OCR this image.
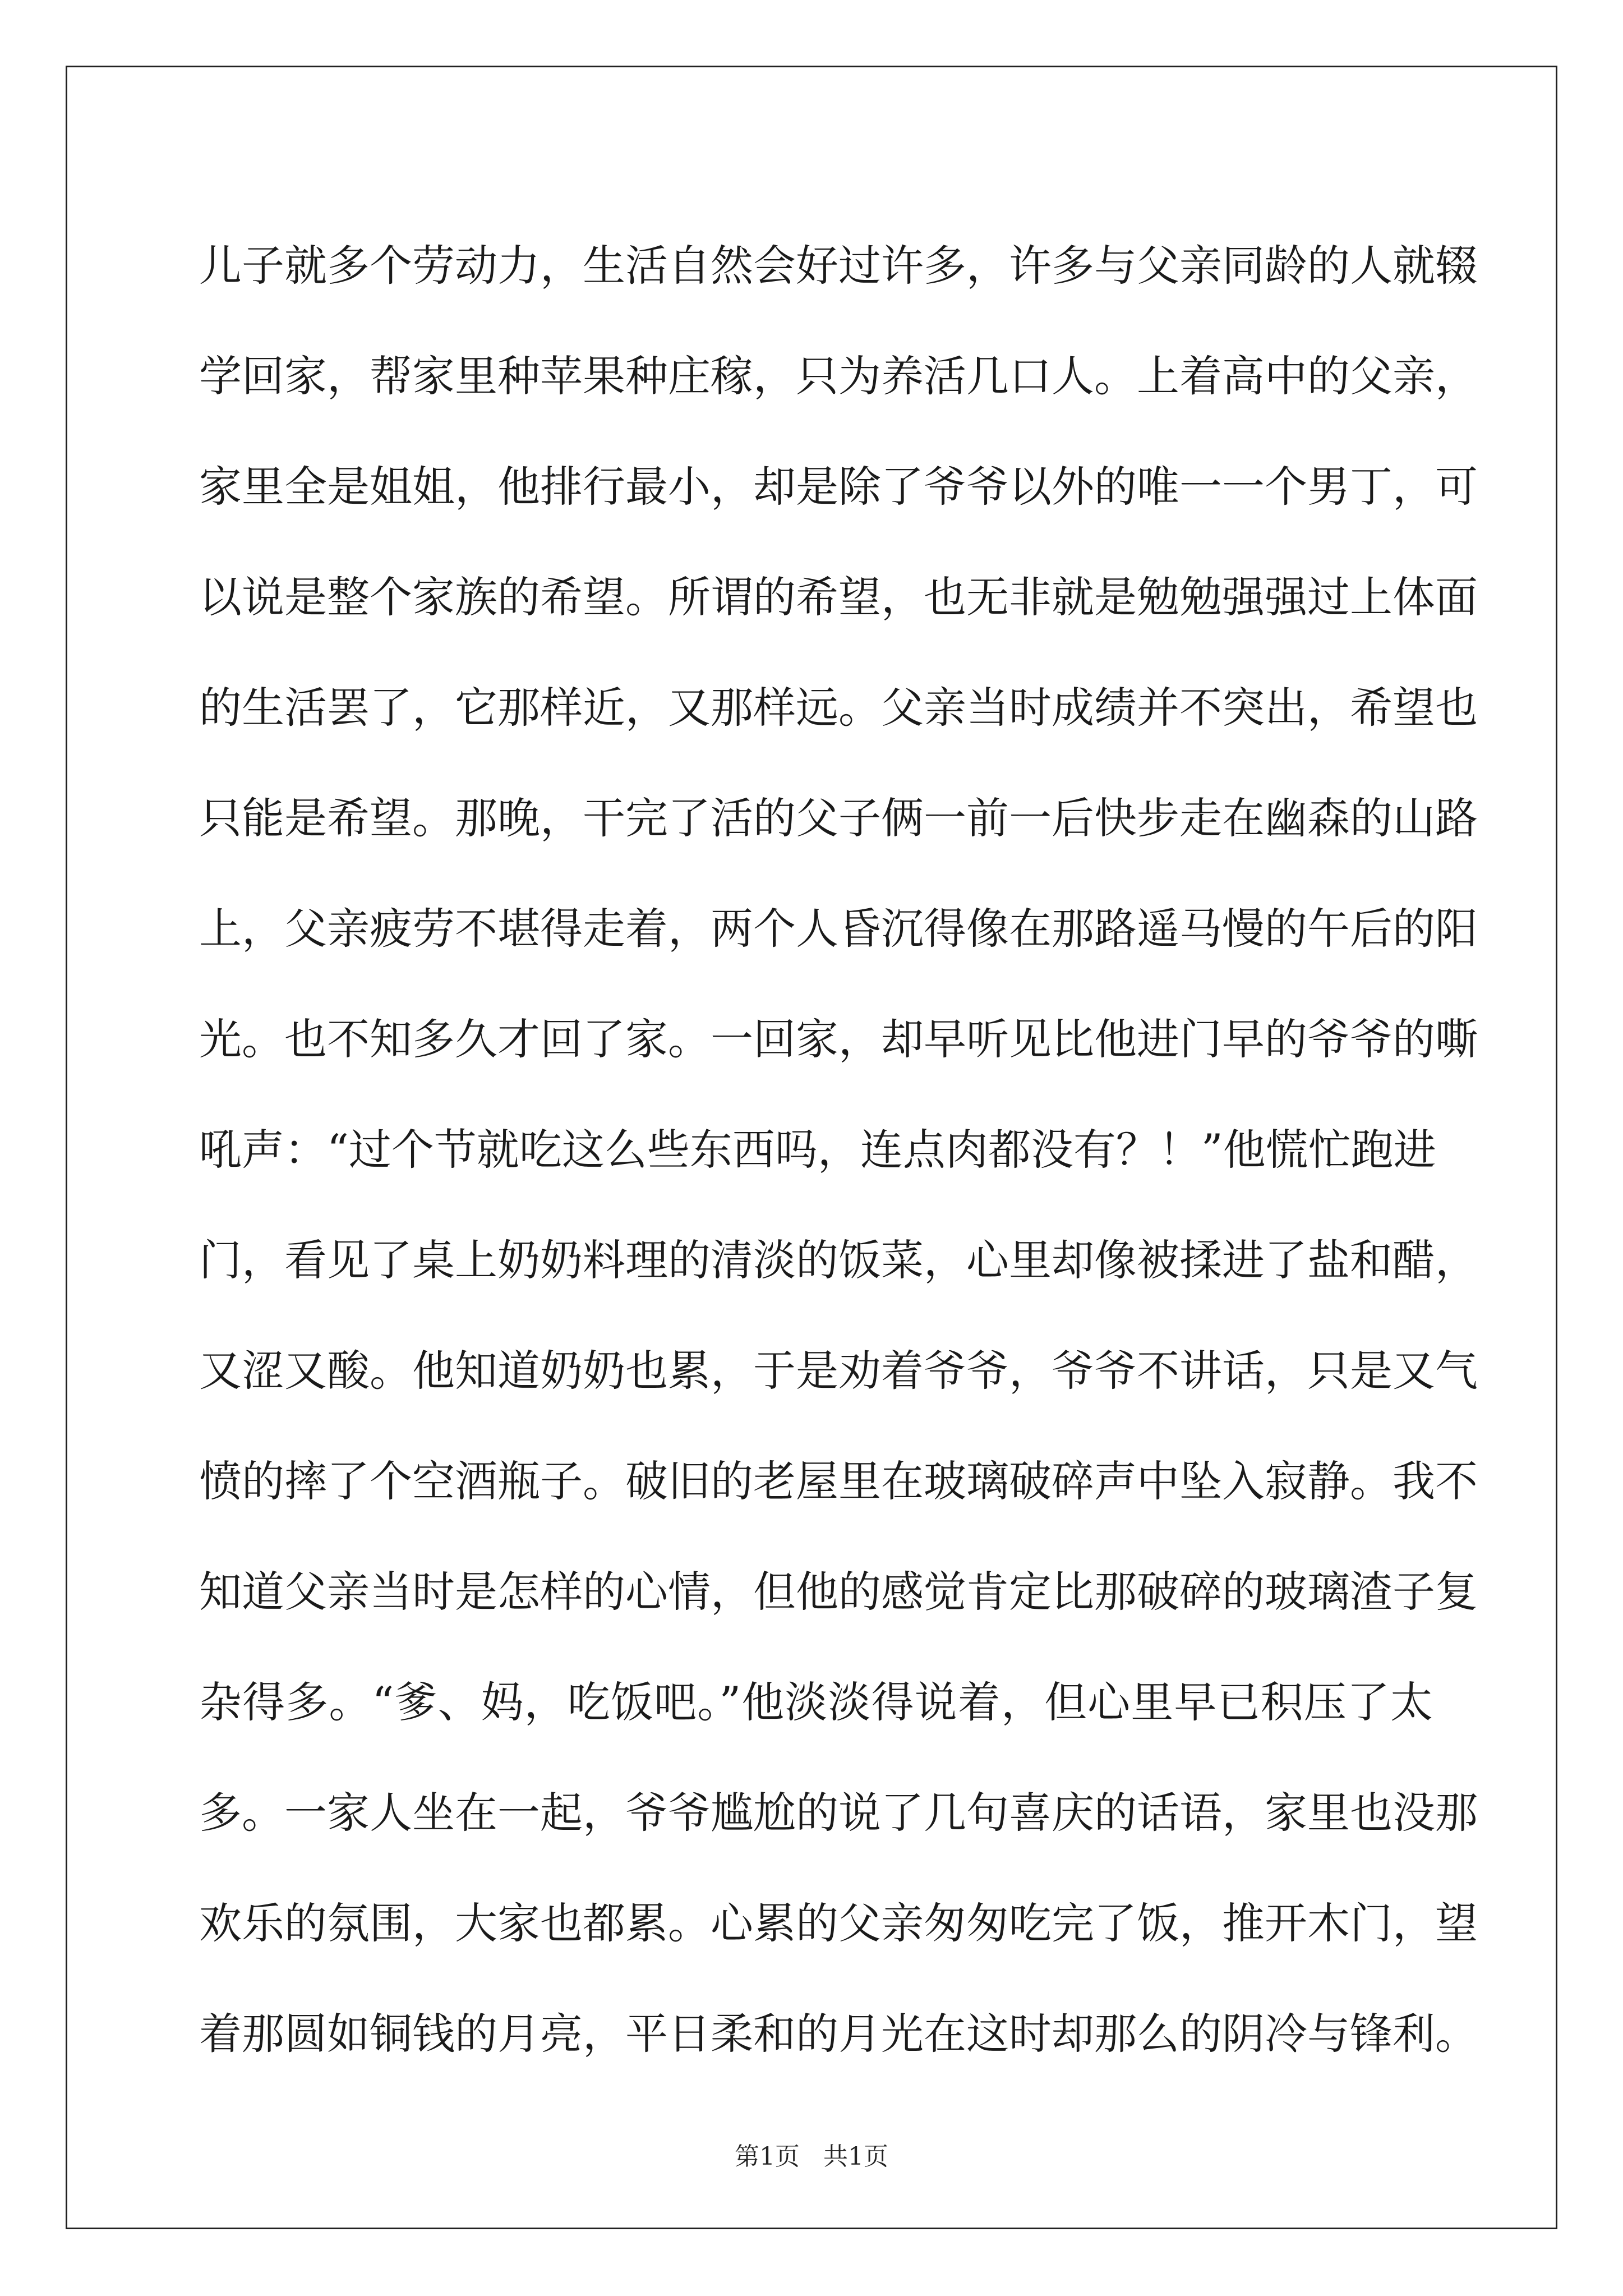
儿子就多个劳动力，生活自然会好过许多，许多与父亲同龄的人就辍
学回家，帮家里种苹果种庄稼，只为养活几口人。上着高中的父亲，
家里全是姐姐，他排行最小，却是除了爷爷以外的唯一一个男丁，可
以说是整个家族的希望。所谓的希望，也无非就是勉勉强强过上体面
的生活罢了，它那样近，又那样远。父亲当时成绩并不突出，希望也
只能是希望。那晚，干完了活的父子俩一前一后快步走在幽森的山路
上，父亲疲劳不堪得走着，两个人昏沉得像在那路遥马慢的午后的阳
光。也不知多久才回了家。一回家，却早听见比他进门早的爷爷的嘶
吼声：“过个节就吃这么些东西吗，连点肉都没有？！”他慌忙跑进
门，看见了桌上奶奶料理的清淡的饭菜，心里却像被揉进了盐和醋，
又涩又酸。他知道奶奶也累，于是劝着爷爷，爷爷不讲话，只是又气
愤的摔了个空酒瓶子。破旧的老屋里在玻璃破碎声中坠入寂静。我不
知道父亲当时是怎样的心情，但他的感觉肯定比那破碎的玻璃渣子复
杂得多。“爹、妈，吃饭吧。”他淡淡得说着，但心里早已积压了太
多。一家人坐在一起，爷爷尴尬的说了几句喜庆的话语，家里也没那
欢乐的氛围，大家也都累。心累的父亲匆匆吃完了饭，推开木门，望
着那圆如铜钱的月亮，平日柔和的月光在这时却那么的阴冷与锋利。
第1页   共1页
